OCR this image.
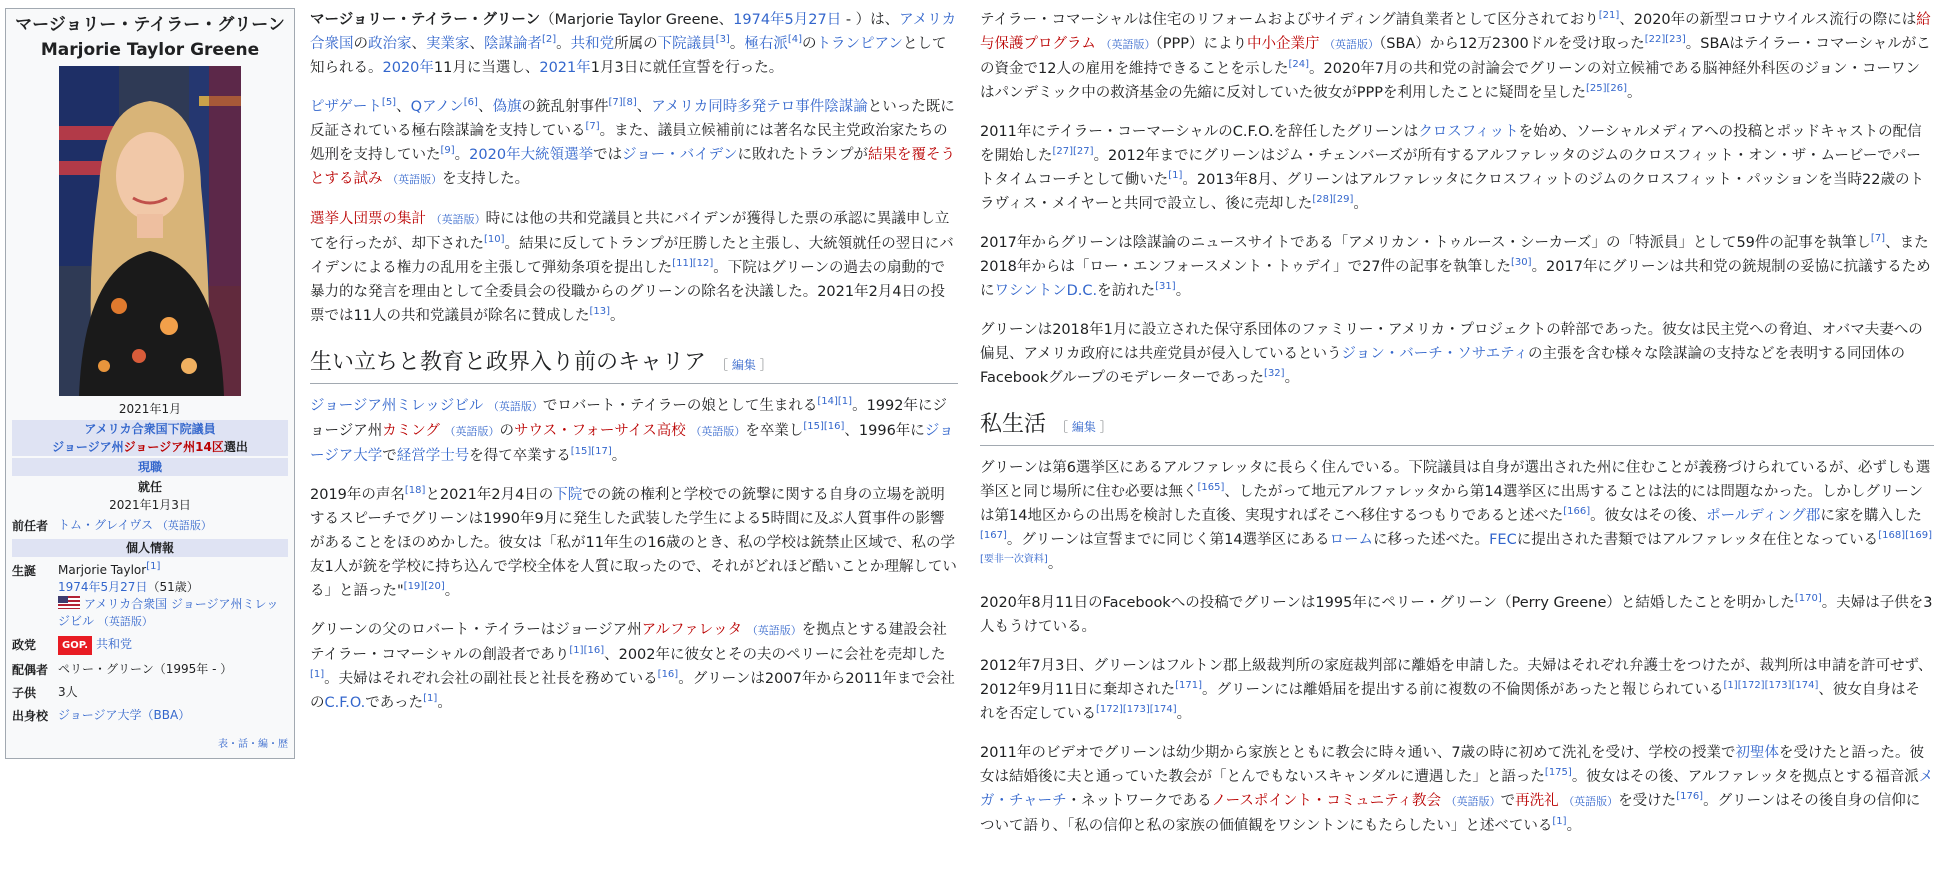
マージョリー・テイラー・グリーン
Marjorie Taylor Greene
2021年1月
アメリカ合衆国下院議員
ジョージア州ジョージア州14区選出
現職
就任
2021年1月3日
前任者	トム・グレイヴス （英語版）
個人情報
生誕	Marjorie Taylor[1]
1974年5月27日（51歳）
アメリカ合衆国 ジョージア州ミレッジビル （英語版）
政党	GOP. 共和党
配偶者	ペリー・グリーン（1995年 - ）
子供	3人
出身校	ジョージア大学（BBA）
表・話・編・歴

マージョリー・テイラー・グリーン（Marjorie Taylor Greene、1974年5月27日 - ）は、アメリカ合衆国の政治家、実業家、陰謀論者[2]。共和党所属の下院議員[3]。極右派[4]のトランピアンとして知られる。2020年11月に当選し、2021年1月3日に就任宣誓を行った。

ピザゲート[5]、Qアノン[6]、偽旗の銃乱射事件[7][8]、アメリカ同時多発テロ事件陰謀論といった既に反証されている極右陰謀論を支持している[7]。また、議員立候補前には著名な民主党政治家たちの処刑を支持していた[9]。2020年大統領選挙ではジョー・バイデンに敗れたトランプが結果を覆そうとする試み （英語版）を支持した。

選挙人団票の集計 （英語版）時には他の共和党議員と共にバイデンが獲得した票の承認に異議申し立てを行ったが、却下された[10]。結果に反してトランプが圧勝したと主張し、大統領就任の翌日にバイデンによる権力の乱用を主張して弾劾条項を提出した[11][12]。下院はグリーンの過去の扇動的で暴力的な発言を理由として全委員会の役職からのグリーンの除名を決議した。2021年2月4日の投票では11人の共和党議員が除名に賛成した[13]。

生い立ちと教育と政界入り前のキャリア ［ 編集 ］

ジョージア州ミレッジビル （英語版）でロバート・テイラーの娘として生まれる[14][1]。1992年にジョージア州カミング （英語版）のサウス・フォーサイス高校 （英語版）を卒業し[15][16]、1996年にジョージア大学で経営学士号を得て卒業する[15][17]。

2019年の声名[18]と2021年2月4日の下院での銃の権利と学校での銃撃に関する自身の立場を説明するスピーチでグリーンは1990年9月に発生した武装した学生による5時間に及ぶ人質事件の影響があることをほのめかした。彼女は「私が11年生の16歳のとき、私の学校は銃禁止区域で、私の学友1人が銃を学校に持ち込んで学校全体を人質に取ったので、それがどれほど酷いことか理解している」と語った"[19][20]。

グリーンの父のロバート・テイラーはジョージア州アルファレッタ （英語版）を拠点とする建設会社テイラー・コマーシャルの創設者であり[1][16]、2002年に彼女とその夫のペリーに会社を売却した[1]。夫婦はそれぞれ会社の副社長と社長を務めている[16]。グリーンは2007年から2011年まで会社のC.F.O.であった[1]。

テイラー・コマーシャルは住宅のリフォームおよびサイディング請負業者として区分されており[21]、2020年の新型コロナウイルス流行の際には給与保護プログラム （英語版）（PPP）により中小企業庁 （英語版）（SBA）から12万2300ドルを受け取った[22][23]。SBAはテイラー・コマーシャルがこの資金で12人の雇用を維持できることを示した[24]。2020年7月の共和党の討論会でグリーンの対立候補である脳神経外科医のジョン・コーワンはパンデミック中の救済基金の先縮に反対していた彼女がPPPを利用したことに疑問を呈した[25][26]。

2011年にテイラー・コーマーシャルのC.F.O.を辞任したグリーンはクロスフィットを始め、ソーシャルメディアへの投稿とポッドキャストの配信を開始した[27][27]。2012年までにグリーンはジム・チェンバーズが所有するアルファレッタのジムのクロスフィット・オン・ザ・ムービーでパートタイムコーチとして働いた[1]。2013年8月、グリーンはアルファレッタにクロスフィットのジムのクロスフィット・パッションを当時22歳のトラヴィス・メイヤーと共同で設立し、後に売却した[28][29]。

2017年からグリーンは陰謀論のニュースサイトである「アメリカン・トゥルース・シーカーズ」の「特派員」として59件の記事を執筆し[7]、また2018年からは「ロー・エンフォースメント・トゥデイ」で27件の記事を執筆した[30]。2017年にグリーンは共和党の銃規制の妥協に抗議するためにワシントンD.C.を訪れた[31]。

グリーンは2018年1月に設立された保守系団体のファミリー・アメリカ・プロジェクトの幹部であった。彼女は民主党への脅迫、オバマ夫妻への偏見、アメリカ政府には共産党員が侵入しているというジョン・バーチ・ソサエティの主張を含む様々な陰謀論の支持などを表明する同団体のFacebookグループのモデレーターであった[32]。

私生活 ［ 編集 ］

グリーンは第6選挙区にあるアルファレッタに長らく住んでいる。下院議員は自身が選出された州に住むことが義務づけられているが、必ずしも選挙区と同じ場所に住む必要は無く[165]、したがって地元アルファレッタから第14選挙区に出馬することは法的には問題なかった。しかしグリーンは第14地区からの出馬を検討した直後、実現すればそこへ移住するつもりであると述べた[166]。彼女はその後、ポールディング郡に家を購入した[167]。グリーンは宣誓までに同じく第14選挙区にあるロームに移った述べた。FECに提出された書類ではアルファレッタ在住となっている[168][169][要非一次資料]。

2020年8月11日のFacebookへの投稿でグリーンは1995年にペリー・グリーン（Perry Greene）と結婚したことを明かした[170]。夫婦は子供を3人もうけている。

2012年7月3日、グリーンはフルトン郡上級裁判所の家庭裁判部に離婚を申請した。夫婦はそれぞれ弁護士をつけたが、裁判所は申請を許可せず、2012年9月11日に棄却された[171]。グリーンには離婚届を提出する前に複数の不倫関係があったと報じられている[1][172][173][174]、彼女自身はそれを否定している[172][173][174]。

2011年のビデオでグリーンは幼少期から家族とともに教会に時々通い、7歳の時に初めて洗礼を受け、学校の授業で初聖体を受けたと語った。彼女は結婚後に夫と通っていた教会が「とんでもないスキャンダルに遭遇した」と語った[175]。彼女はその後、アルファレッタを拠点とする福音派メガ・チャーチ・ネットワークであるノースポイント・コミュニティ教会 （英語版）で再洗礼 （英語版）を受けた[176]。グリーンはその後自身の信仰について語り、「私の信仰と私の家族の価値観をワシントンにもたらしたい」と述べている[1]。
